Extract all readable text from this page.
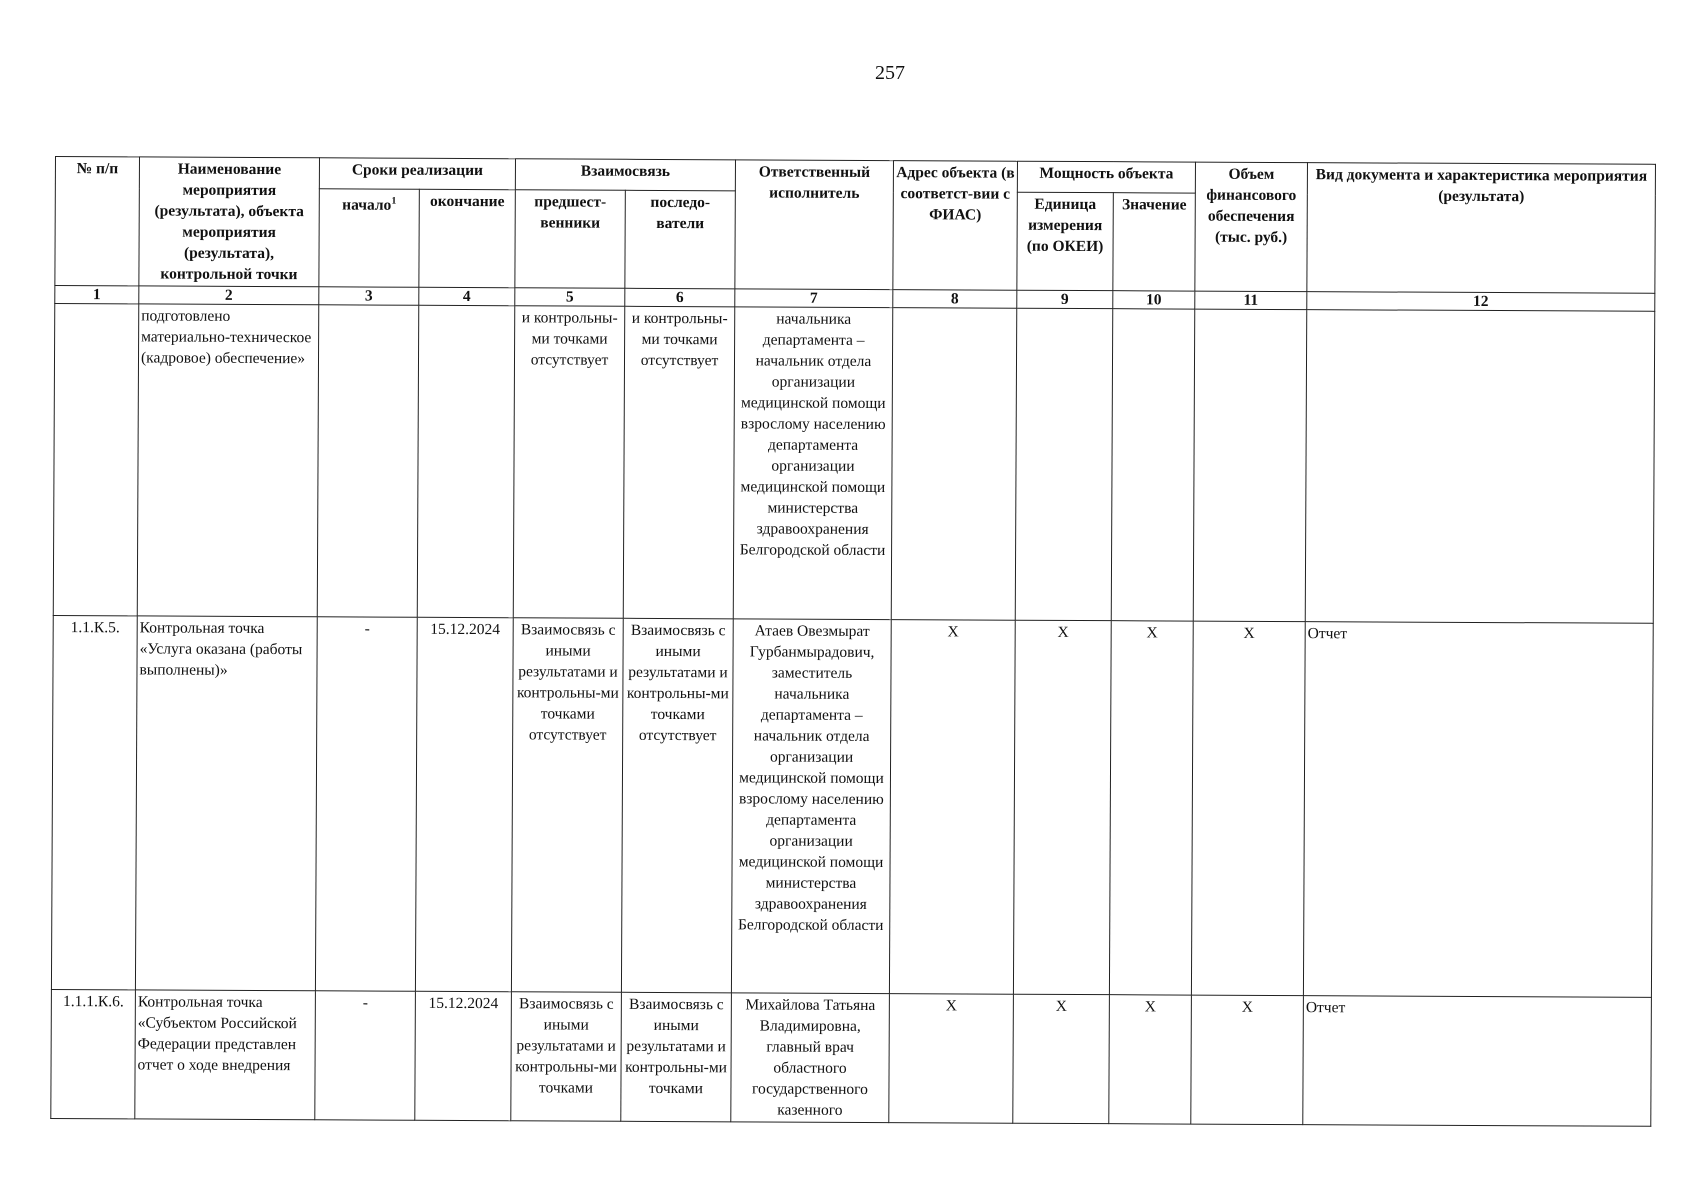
257
№ п/п	Наименование мероприятия (результата), объекта мероприятия (результата), контрольной точки	Сроки реализации		Взаимосвязь		Ответственный исполнитель	Адрес объекта (в соответст-вии с ФИАС)	Мощность объекта		Объем финансового обеспечения (тыс. руб.)	Вид документа и характеристика мероприятия (результата)
		начало$^1$	окончание	предшест-венники	последо-ватели			Единица измерения (по ОКЕИ)	Значение		
1	2	3	4	5	6	7	8	9	10	11	12
	подготовлено материально-техническое (кадровое) обеспечение»			и контрольны-ми точками отсутствует	и контрольны-ми точками отсутствует	начальника департамента – начальник отдела организации медицинской помощи взрослому населению департамента организации медицинской помощи министерства здравоохранения Белгородской области					
1.1.К.5.	Контрольная точка «Услуга оказана (работы выполнены)»	-	15.12.2024	Взаимосвязь с иными результатами и контрольны-ми точками отсутствует	Взаимосвязь с иными результатами и контрольны-ми точками отсутствует	Атаев Овезмырат Гурбанмырадович, заместитель начальника департамента – начальник отдела организации медицинской помощи взрослому населению департамента организации медицинской помощи министерства здравоохранения Белгородской области	Х	Х	Х	Х	Отчет
1.1.1.К.6.	Контрольная точка «Субъектом Российской Федерации представлен отчет о ходе внедрения	-	15.12.2024	Взаимосвязь с иными результатами и контрольны-ми точками	Взаимосвязь с иными результатами и контрольны-ми точками	Михайлова Татьяна Владимировна, главный врач областного государственного казенного	Х	Х	Х	Х	Отчет
